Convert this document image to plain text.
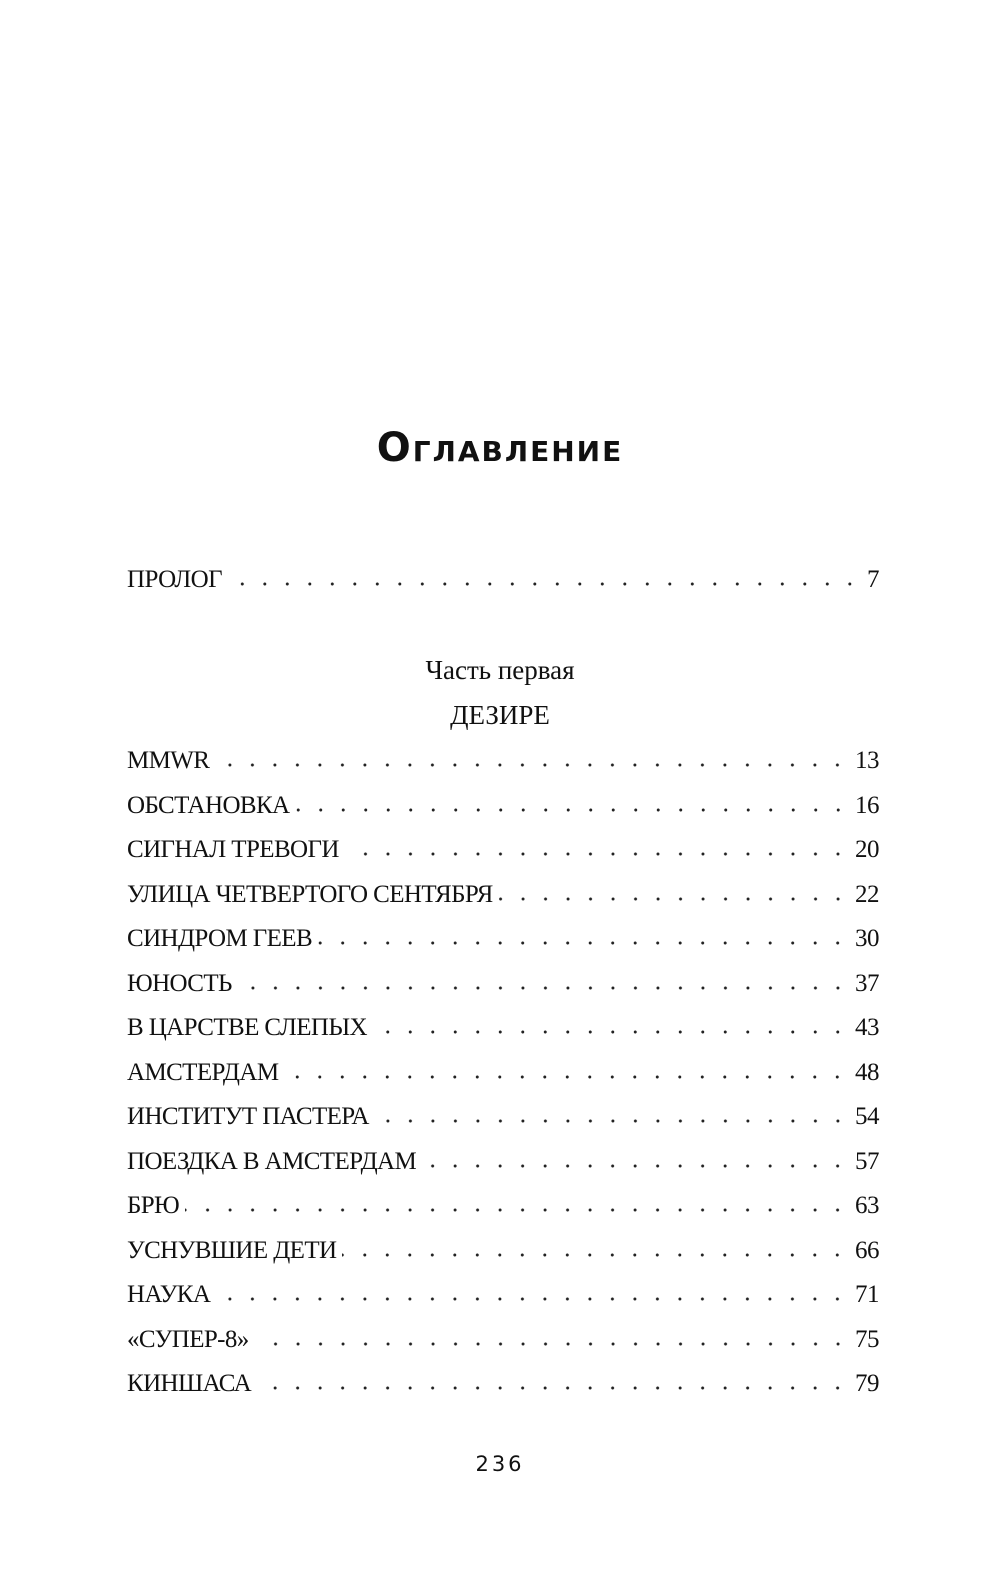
Оглавление
ПРОЛОГ	7
Часть первая
ДЕЗИРЕ
MMWR	13
ОБСТАНОВКА	16
СИГНАЛ ТРЕВОГИ	20
УЛИЦА ЧЕТВЕРТОГО СЕНТЯБРЯ	22
СИНДРОМ ГЕЕВ	30
ЮНОСТЬ	37
В ЦАРСТВЕ СЛЕПЫХ	43
АМСТЕРДАМ	48
ИНСТИТУТ ПАСТЕРА	54
ПОЕЗДКА В АМСТЕРДАМ	57
БРЮ	63
УСНУВШИЕ ДЕТИ	66
НАУКА	71
«СУПЕР-8»	75
КИНШАСА	79
236
